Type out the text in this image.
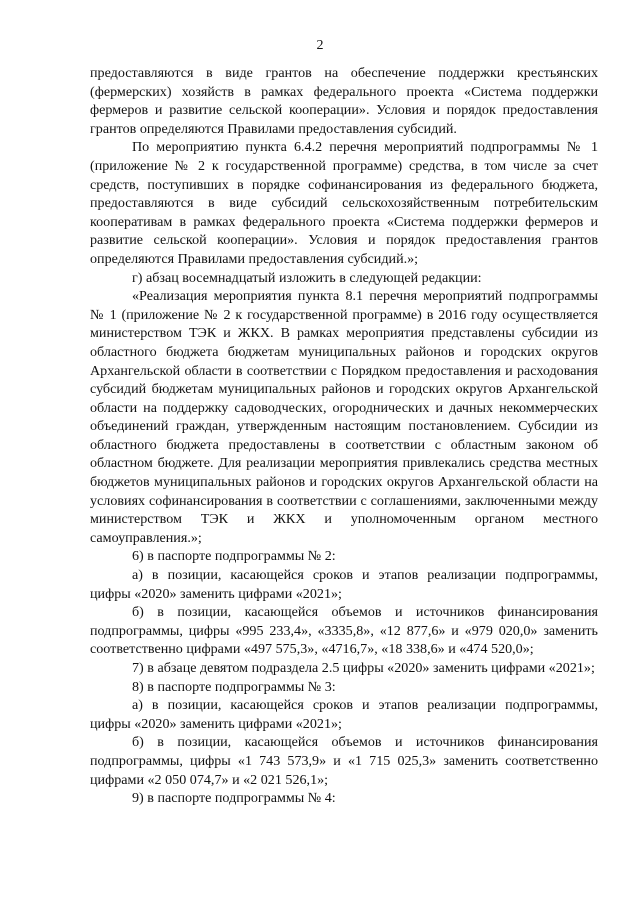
2

предоставляются в виде грантов на обеспечение поддержки крестьянских (фермерских) хозяйств в рамках федерального проекта «Система поддержки фермеров и развитие сельской кооперации». Условия и порядок предоставления грантов определяются Правилами предоставления субсидий.

По мероприятию пункта 6.4.2 перечня мероприятий подпрограммы № 1 (приложение № 2 к государственной программе) средства, в том числе за счет средств, поступивших в порядке софинансирования из федерального бюджета, предоставляются в виде субсидий сельскохозяйственным потребительским кооперативам в рамках федерального проекта «Система поддержки фермеров и развитие сельской кооперации». Условия и порядок предоставления грантов определяются Правилами предоставления субсидий.»;

г) абзац восемнадцатый изложить в следующей редакции:

«Реализация мероприятия пункта 8.1 перечня мероприятий подпрограммы № 1 (приложение № 2 к государственной программе) в 2016 году осуществляется министерством ТЭК и ЖКХ. В рамках мероприятия представлены субсидии из областного бюджета бюджетам муниципальных районов и городских округов Архангельской области в соответствии с Порядком предоставления и расходования субсидий бюджетам муниципальных районов и городских округов Архангельской области на поддержку садоводческих, огороднических и дачных некоммерческих объединений граждан, утвержденным настоящим постановлением. Субсидии из областного бюджета предоставлены в соответствии с областным законом об областном бюджете. Для реализации мероприятия привлекались средства местных бюджетов муниципальных районов и городских округов Архангельской области на условиях софинансирования в соответствии с соглашениями, заключенными между министерством ТЭК и ЖКХ и уполномоченным органом местного самоуправления.»;

6) в паспорте подпрограммы № 2:

а) в позиции, касающейся сроков и этапов реализации подпрограммы, цифры «2020» заменить цифрами «2021»;

б) в позиции, касающейся объемов и источников финансирования подпрограммы, цифры «995 233,4», «3335,8», «12 877,6» и «979 020,0» заменить соответственно цифрами «497 575,3», «4716,7», «18 338,6» и «474 520,0»;

7) в абзаце девятом подраздела 2.5 цифры «2020» заменить цифрами «2021»;

8) в паспорте подпрограммы № 3:

а) в позиции, касающейся сроков и этапов реализации подпрограммы, цифры «2020» заменить цифрами «2021»;

б) в позиции, касающейся объемов и источников финансирования подпрограммы, цифры «1 743 573,9» и «1 715 025,3» заменить соответственно цифрами «2 050 074,7» и «2 021 526,1»;

9) в паспорте подпрограммы № 4:
